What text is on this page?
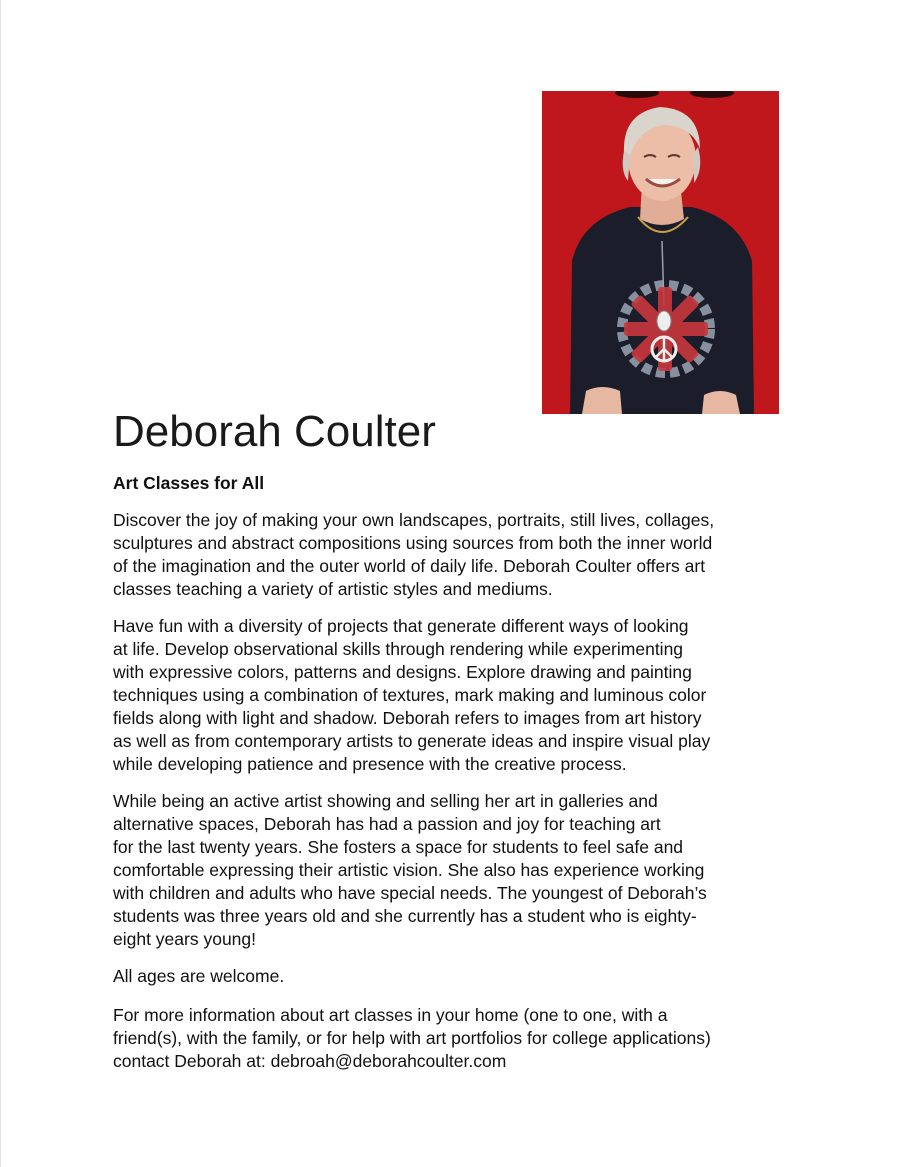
Deborah Coulter

Art Classes for All

Discover the joy of making your own landscapes, portraits, still lives, collages,
sculptures and abstract compositions using sources from both the inner world
of the imagination and the outer world of daily life. Deborah Coulter offers art
classes teaching a variety of artistic styles and mediums.

Have fun with a diversity of projects that generate different ways of looking
at life. Develop observational skills through rendering while experimenting
with expressive colors, patterns and designs. Explore drawing and painting
techniques using a combination of textures, mark making and luminous color
fields along with light and shadow. Deborah refers to images from art history
as well as from contemporary artists to generate ideas and inspire visual play
while developing patience and presence with the creative process.

While being an active artist showing and selling her art in galleries and
alternative spaces, Deborah has had a passion and joy for teaching art
for the last twenty years. She fosters a space for students to feel safe and
comfortable expressing their artistic vision. She also has experience working
with children and adults who have special needs. The youngest of Deborah’s
students was three years old and she currently has a student who is eighty-
eight years young!

All ages are welcome.

For more information about art classes in your home (one to one, with a
friend(s), with the family, or for help with art portfolios for college applications)
contact Deborah at: debroah@deborahcoulter.com
